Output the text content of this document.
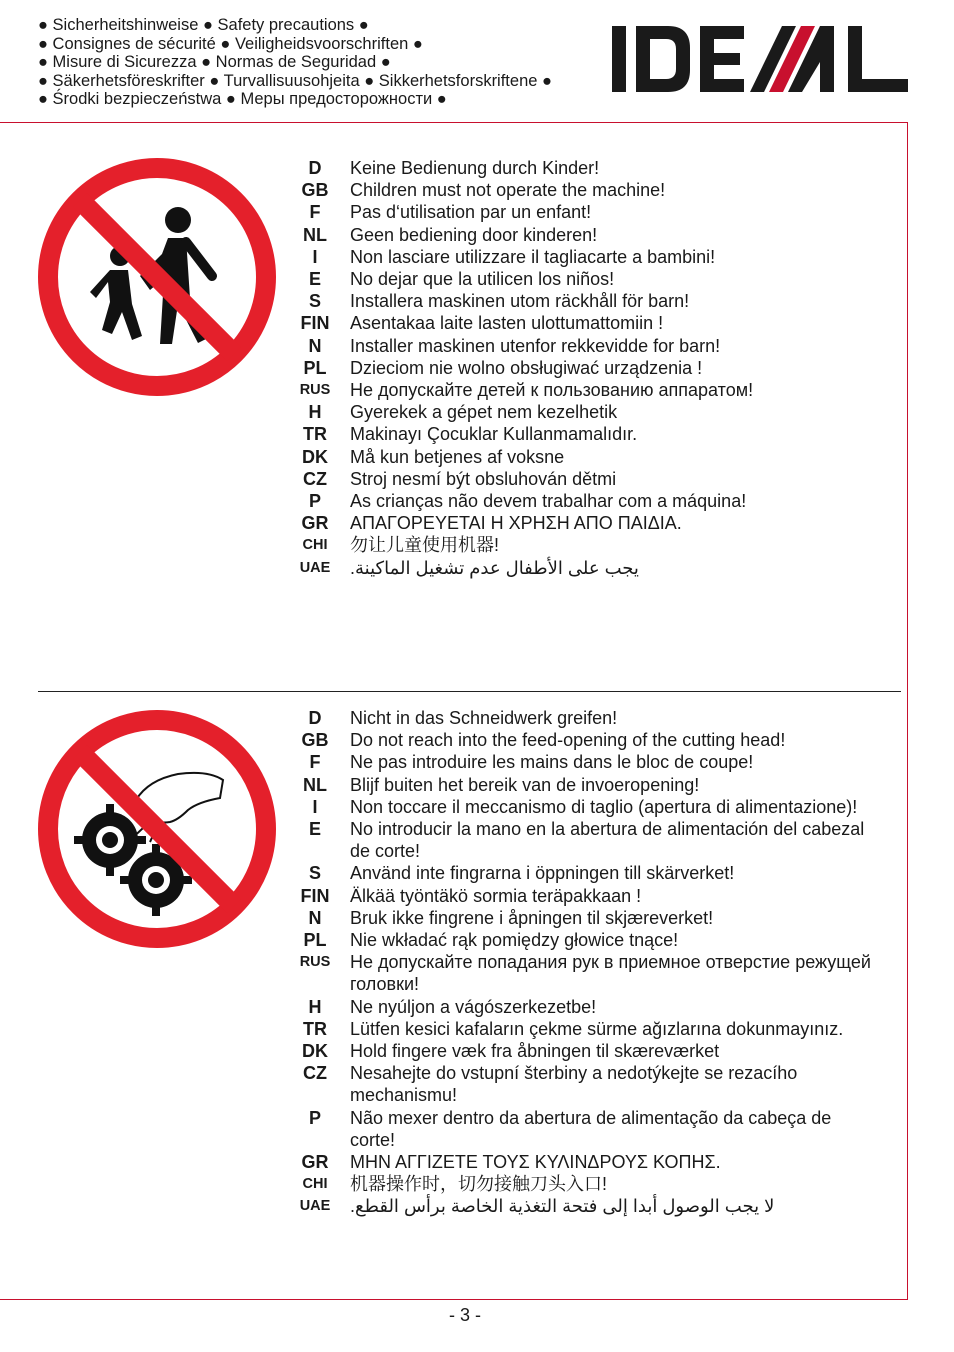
● Sicherheitshinweise ● Safety precautions ●
● Consignes de sécurité ● Veiligheidsvoorschriften ●
● Misure di Sicurezza ● Normas de Seguridad ●
● Säkerhetsföreskrifter ● Turvallisuusohjeita ● Sikkerhetsforskriftene ●
● Środki bezpieczeństwa ● Меры предосторожности ●
D	Keine Bedienung durch Kinder!
GB	Children must not operate the machine!
F	Pas d‘utilisation par un enfant!
NL	Geen bediening door kinderen!
I	Non lasciare utilizzare il tagliacarte a bambini!
E	No dejar que la utilicen los niños!
S	Installera maskinen utom räckhåll för barn!
FIN	Asentakaa laite lasten ulottumattomiin !
N	Installer maskinen utenfor rekkevidde for barn!
PL	Dzieciom nie wolno obsługiwać urządzenia !
RUS	Не допускайте детей к пользованию аппаратом!
H	Gyerekek a gépet nem kezelhetik
TR	Makinayı Çocuklar Kullanmamalıdır.
DK	Må kun betjenes af voksne
CZ	Stroj nesmí být obsluhován dětmi
P	As crianças não devem trabalhar com a máquina!
GR	ΑΠΑΓΟΡΕΥΕΤΑΙ Η ΧΡΗΣΗ ΑΠΟ ΠΑΙΔΙΑ.
CHI	勿让儿童使用机器!
UAE	يجب على الأطفال عدم تشغيل الماكينة.
D	Nicht in das Schneidwerk greifen!
GB	Do not reach into the feed-opening of the cutting head!
F	Ne pas introduire les mains dans le bloc de coupe!
NL	Blijf buiten het bereik van de invoeropening!
I	Non toccare il meccanismo di taglio (apertura di alimentazione)!
E	No introducir la mano en la abertura de alimentación del cabezal de corte!
S	Använd inte fingrarna i öppningen till skärverket!
FIN	Älkää työntäkö sormia teräpakkaan !
N	Bruk ikke fingrene i åpningen til skjæreverket!
PL	Nie wkładać rąk pomiędzy głowice tnące!
RUS	Не допускайте попадания рук в приемное отверстие режущей головки!
H	Ne nyúljon a vágószerkezetbe!
TR	Lütfen kesici kafaların çekme sürme ağızlarına dokunmayınız.
DK	Hold fingere væk fra åbningen til skæreværket
CZ	Nesahejte do vstupní šterbiny a nedotýkejte se rezacího mechanismu!
P	Não mexer dentro da abertura de alimentação da cabeça de corte!
GR	ΜΗΝ ΑΓΓΙΖΕΤΕ ΤΟΥΣ ΚΥΛΙΝΔΡΟΥΣ ΚΟΠΗΣ.
CHI	机器操作时，切勿接触刀头入口!
UAE	لا يجب الوصول أبدا إلى فتحة التغذية الخاصة برأس القطع.
- 3 -
